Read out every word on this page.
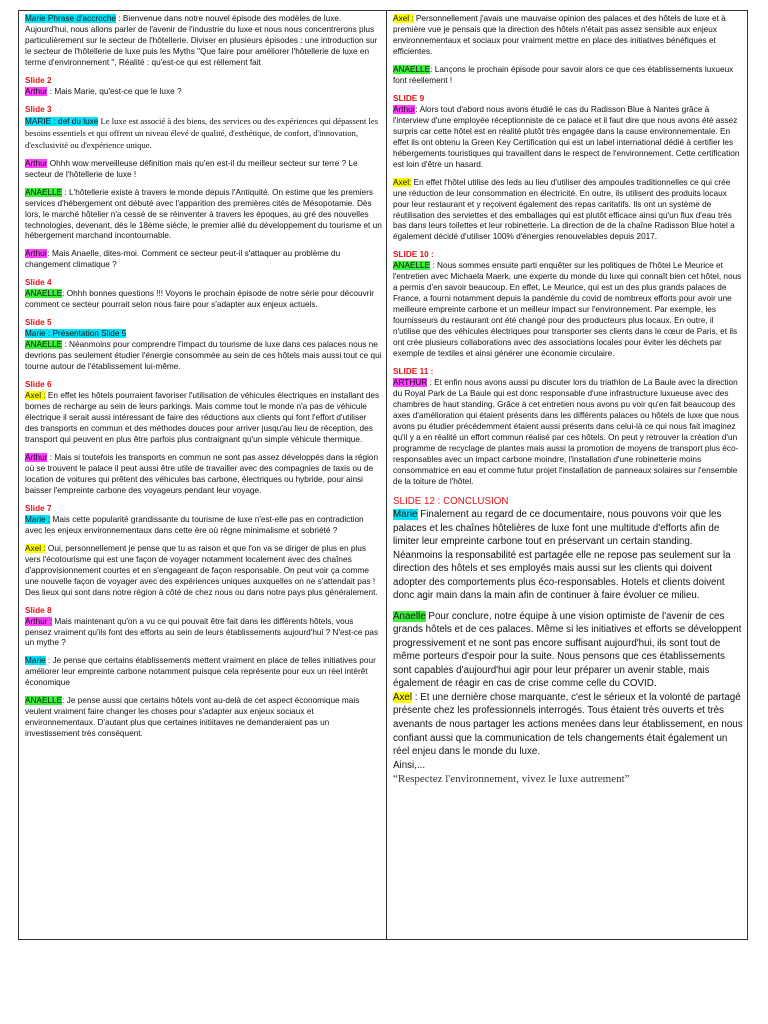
Marie Phrase d'accroche : Bienvenue dans notre nouvel épisode des modèles de luxe. Aujourd'hui, nous allons parler de l'avenir de l'industrie du luxe et nous nous concentrerons plus particulièrement sur le secteur de l'hôtellerie. Diviser en plusieurs épisodes : une introduction sur le secteur de l'hôtellerie de luxe puis les Myths "Que faire pour améliorer l'hôtellerie de luxe en terme d'environnement ", Réalité : qu'est-ce qui est rèllement fait

Slide 2

Arthur : Mais Marie, qu'est-ce que le luxe ?

Slide 3

MARIE : def du luxe Le luxe est associé à des biens, des services ou des expériences qui dépassent les besoins essentiels et qui offrent un niveau élevé de qualité, d'esthétique, de confort, d'innovation, d'exclusivité ou d'expérience unique.

Arthur Ohhh wow merveilleuse définition mais qu'en est-il du meilleur secteur sur terre ? Le secteur de l'hôtellerie de luxe !

ANAELLE : L'hôtellerie existe à travers le monde depuis l'Antiquité. On estime que les premiers services d'hébergement ont débuté avec l'apparition des premières cités de Mésopotamie. Dès lors, le marché hôtelier n'a cessé de se réinventer à travers les époques, au gré des nouvelles technologies, devenant, dès le 18ème siècle, le premier allié du développement du tourisme et un hébergement marchand incontournable.

Arthur: Mais Anaelle, dites-moi. Comment ce secteur peut-il s'attaquer au problème du changement climatique ?

Slide 4

ANAELLE: Ohhh bonnes questions !!! Voyons le prochain épisode de notre série pour découvrir comment ce secteur pourrait selon nous faire pour s'adapter aux enjeux actuels.

Slide 5
Marie : Présentation Slide 5

ANAELLE : Néanmoins pour comprendre l'impact du tourisme de luxe dans ces palaces nous ne devrions pas seulement étudier l'énergie consommée au sein de ces hôtels mais aussi tout ce qui tourne autour de l'établissement lui-même.

Slide 6

Axel : En effet les hôtels pourraient favoriser l'utilisation de véhicules électriques en installant des bornes de recharge au sein de leurs parkings. Mais comme tout le monde n'a pas de véhicule électrique il serait aussi intéressant de faire des réductions aux clients qui font l'effort d'utiliser des transports en commun et des méthodes douces pour arriver jusqu'au lieu de réception, des transport qui peuvent en plus être parfois plus contraignant qu'un simple véhicule thermique.

Arthur : Mais si toutefois les transports en commun ne sont pas assez développés dans la région où se trouvent le palace il peut aussi être utile de travailler avec des compagnies de taxis ou de location de voitures qui prêtent des véhicules bas carbone, électriques ou hybride, pour ainsi baisser l'empreinte carbone des voyageurs pendant leur voyage.

Slide 7

Marie : Mais cette popularité grandissante du tourisme de luxe n'est-elle pas en contradiction avec les enjeux environnementaux dans cette ère où règne minimalisme et sobriété ?

Axel : Oui, personnellement je pense que tu as raison et que l'on va se diriger de plus en plus vers l'écotourisme qui est une façon de voyager notamment localement avec des chaînes d'approvisionnement courtes et en s'engageant de façon responsable. On peut voir ça comme une nouvelle façon de voyager avec des expériences uniques auxquelles on ne s'attendait pas ! Des lieux qui sont dans notre région à côté de chez nous ou dans notre pays plus généralement.

Slide 8

Arthur : Mais maintenant qu'on a vu ce qui pouvait être fait dans les différents hôtels, vous pensez vraiment qu'ils font des efforts au sein de leurs établissements aujourd'hui ? N'est-ce pas un mythe ?

Marie : Je pense que certains établissements mettent vraiment en place de telles initiatives pour améliorer leur empreinte carbone notamment puisque cela représente pour eux un réel intérêt économique

ANAELLE: Je pense aussi que certains hôtels vont au-delà de cet aspect économique mais veulent vraiment faire changer les choses pour s'adapter aux enjeux sociaux et environnementaux. D'autant plus que certaines initiitaves ne demanderaient pas un investissement très conséquent.

Axel : Personnellement j'avais une mauvaise opinion des palaces et des hôtels de luxe et à première vue je pensais que la direction des hôtels n'était pas assez sensible aux enjeux environnementaux et sociaux pour vraiment mettre en place des initiatives bénéfiques et efficientes.

ANAELLE: Lançons le prochain épisode pour savoir alors ce que ces établissements luxueux font réellement !

SLIDE 9

Arthur: Alors tout d'abord nous avons étudié le cas du Radisson Blue à Nantes grâce à l'interview d'une employée réceptionniste de ce palace et il faut dire que nous avons été assez surpris car cette hôtel est en réalité plutôt très engagée dans la cause environnementale. En effet ils ont obtenu la Green Key Certification qui est un label international dédié à certifier les hébergements touristiques qui travaillent dans le respect de l'environnement. Cette certification est loin d'être un hasard.

Axel: En effet l'hôtel utilise des leds au lieu d'utiliser des ampoules traditionnelles ce qui crée une réduction de leur consommation en électricité. En outre, ils utilisent des produits locaux pour leur restaurant et y reçoivent également des repas caritatifs. Ils ont un système de réutilisation des serviettes et des emballages qui est plutôt efficace ainsi qu'un flux d'eau très bas dans leurs toilettes et leur robinetterie. La direction de de la chaîne Radisson Blue hotel a également décidé d'utiliser 100% d'énergies renouvelables depuis 2017.

SLIDE 10 :

ANAELLE : Nous sommes ensuite parti enquêter sur les politiques de l'hôtel Le Meurice et l'entretien avec Michaela Maerk, une experte du monde du luxe qui connaît bien cet hôtel, nous a permis d'en savoir beaucoup. En effet, Le Meurice, qui est un des plus grands palaces de France, a fourni notamment depuis la pandémie du covid de nombreux efforts pour avoir une meilleure empreinte carbone et un meilleur impact sur l'environnement. Par exemple, les fournisseurs du restaurant ont été changé pour des producteurs plus locaux. En outre, il n'utilise que des véhicules électriques pour transporter ses clients dans le cœur de Paris, et ils ont crée plusieurs collaborations avec des associations locales pour éviter les déchets par exemple de textiles et ainsi générer une économie circulaire.

SLIDE 11 :

ARTHUR : Et enfin nous avons aussi pu discuter lors du triathlon de La Baule avec la direction du Royal Park de La Baule qui est donc responsable d'une infrastructure luxueuse avec des chambres de haut standing. Grâce à cet entretien nous avons pu voir qu'en fait beaucoup des axes d'amélioration qui étaient présents dans les différents palaces ou hôtels de luxe que nous avons pu étudier précédemment étaient aussi présents dans celui-là ce qui nous fait imaginez qu'il y a en réalité un effort commun réalisé par ces hôtels. On peut y retrouver la création d'un programme de recyclage de plantes mais aussi la promotion de moyens de transport plus éco-responsables avec un impact carbone moindre, l'installation d'une robinetterie moins consommatrice en eau et comme futur projet l'installation de panneaux solaires sur l'ensemble de la toiture de l'hôtel.

SLIDE 12 : CONCLUSION

Marie Finalement au regard de ce documentaire, nous pouvons voir que les palaces et les chaînes hôtelières de luxe font une multitude d'efforts afin de limiter leur empreinte carbone tout en préservant un certain standing. Néanmoins la responsabilité est partagée elle ne repose pas seulement sur la direction des hôtels et ses employés mais aussi sur les clients qui doivent adopter des comportements plus éco-responsables. Hotels et clients doivent donc agir main dans la main afin de continuer à faire évoluer ce milieu.

Anaelle Pour conclure, notre équipe à une vision optimiste de l'avenir de ces grands hôtels et de ces palaces. Même si les initiatives et efforts se développent progressivement et ne sont pas encore suffisant aujourd'hui, ils sont tout de même porteurs d'espoir pour la suite. Nous pensons que ces établissements sont capables d'aujourd'hui agir pour leur préparer un avenir stable, mais également de réagir en cas de crise comme celle du COVID.

Axel : Et une dernière chose marquante, c'est le sérieux et la volonté de partagé présente chez les professionnels interrogés. Tous étaient très ouverts et très avenants de nous partager les actions menées dans leur établissement, en nous confiant aussi que la communication de tels changements était également un réel enjeu dans le monde du luxe.

Ainsi,...
“Respectez l'environnement, vivez le luxe autrement”
